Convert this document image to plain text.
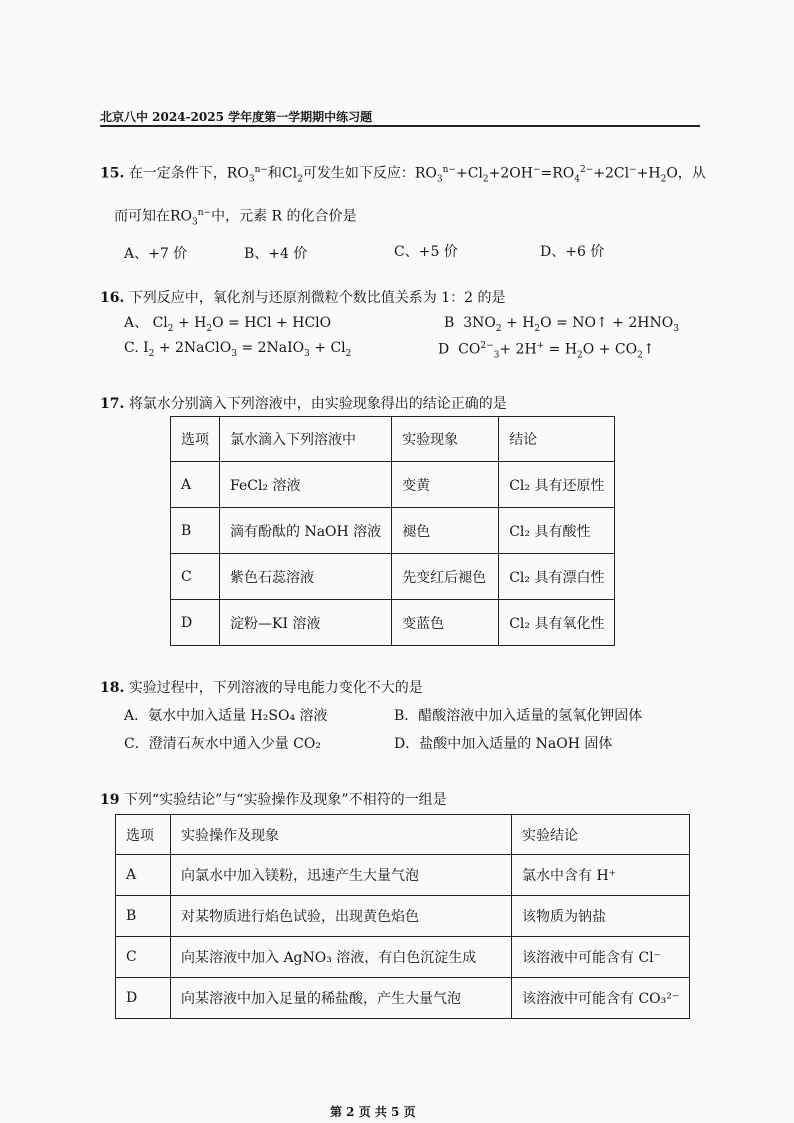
北京八中 2024-2025 学年度第一学期期中练习题
15. 在一定条件下，$RO_3^{n-}$和$Cl_2$可发生如下反应：$RO_3^{n-}+Cl_2+2OH^-=RO_4^{2-}+2Cl^-+H_2O$，从
而可知在$RO_3^{n-}$中，元素 R 的化合价是
A、+7 价	B、+4 价	C、+5 价	D、+6 价
16. 下列反应中，氧化剂与还原剂微粒个数比值关系为 1：2 的是
A、 $Cl_2 + H_2O$ = HCl + HClO	B $3NO_2 + H_2O$ = NO↑ + $2HNO_3$
C. $I_2$ + 2NaClO$_3$ = 2NaIO$_3$ + $Cl_2$	D $CO^{2-}_3+ 2H^+ = H_2O$ + $CO_2↑$
17. 将氯水分别滴入下列溶液中，由实验现象得出的结论正确的是
选项	氯水滴入下列溶液中	实验现象	结论
A	FeCl₂ 溶液	变黄	Cl₂ 具有还原性
B	滴有酚酞的 NaOH 溶液	褪色	Cl₂ 具有酸性
C	紫色石蕊溶液	先变红后褪色	Cl₂ 具有漂白性
D	淀粉—KI 溶液	变蓝色	Cl₂ 具有氧化性
18. 实验过程中，下列溶液的导电能力变化不大的是
A．氨水中加入适量 H₂SO₄ 溶液	B．醋酸溶液中加入适量的氢氧化钾固体
C．澄清石灰水中通入少量 CO₂	D．盐酸中加入适量的 NaOH 固体
19 下列“实验结论”与“实验操作及现象”不相符的一组是
选项	实验操作及现象	实验结论
A	向氯水中加入镁粉，迅速产生大量气泡	氯水中含有 H⁺
B	对某物质进行焰色试验，出现黄色焰色	该物质为钠盐
C	向某溶液中加入 AgNO₃ 溶液，有白色沉淀生成	该溶液中可能含有 Cl⁻
D	向某溶液中加入足量的稀盐酸，产生大量气泡	该溶液中可能含有 CO₃²⁻
第 2 页 共 5 页
